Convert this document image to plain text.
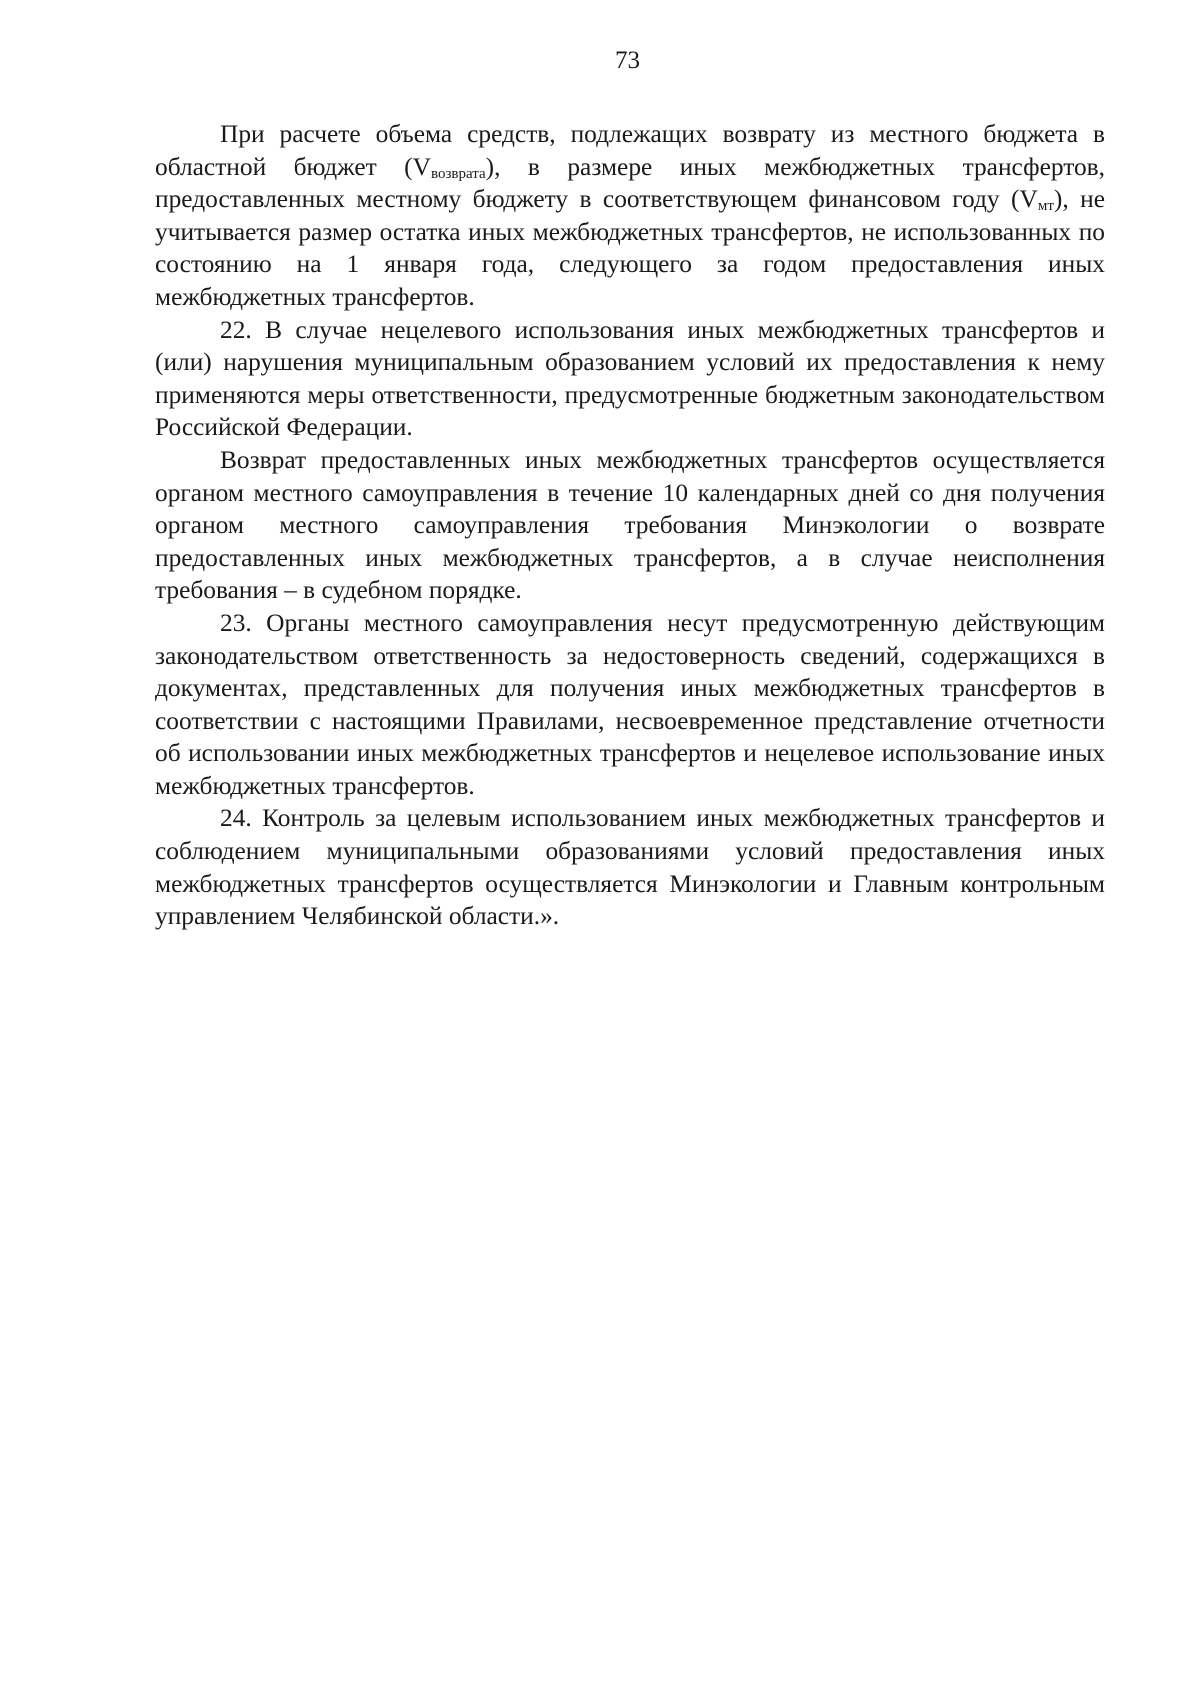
73

При расчете объема средств, подлежащих возврату из местного бюджета в областной бюджет $(V_{возврата})$, в размере иных межбюджетных трансфертов, предоставленных местному бюджету в соответствующем финансовом году $(V_{мт})$, не учитывается размер остатка иных межбюджетных трансфертов, не использованных по состоянию на 1 января года, следующего за годом предоставления иных межбюджетных трансфертов.

22. В случае нецелевого использования иных межбюджетных трансфертов и (или) нарушения муниципальным образованием условий их предоставления к нему применяются меры ответственности, предусмотренные бюджетным законодательством Российской Федерации.

Возврат предоставленных иных межбюджетных трансфертов осуществляется органом местного самоуправления в течение 10 календарных дней со дня получения органом местного самоуправления требования Минэкологии о возврате предоставленных иных межбюджетных трансфертов, а в случае неисполнения требования – в судебном порядке.

23. Органы местного самоуправления несут предусмотренную действующим законодательством ответственность за недостоверность сведений, содержащихся в документах, представленных для получения иных межбюджетных трансфертов в соответствии с настоящими Правилами, несвоевременное представление отчетности об использовании иных межбюджетных трансфертов и нецелевое использование иных межбюджетных трансфертов.

24. Контроль за целевым использованием иных межбюджетных трансфертов и соблюдением муниципальными образованиями условий предоставления иных межбюджетных трансфертов осуществляется Минэкологии и Главным контрольным управлением Челябинской области.».
